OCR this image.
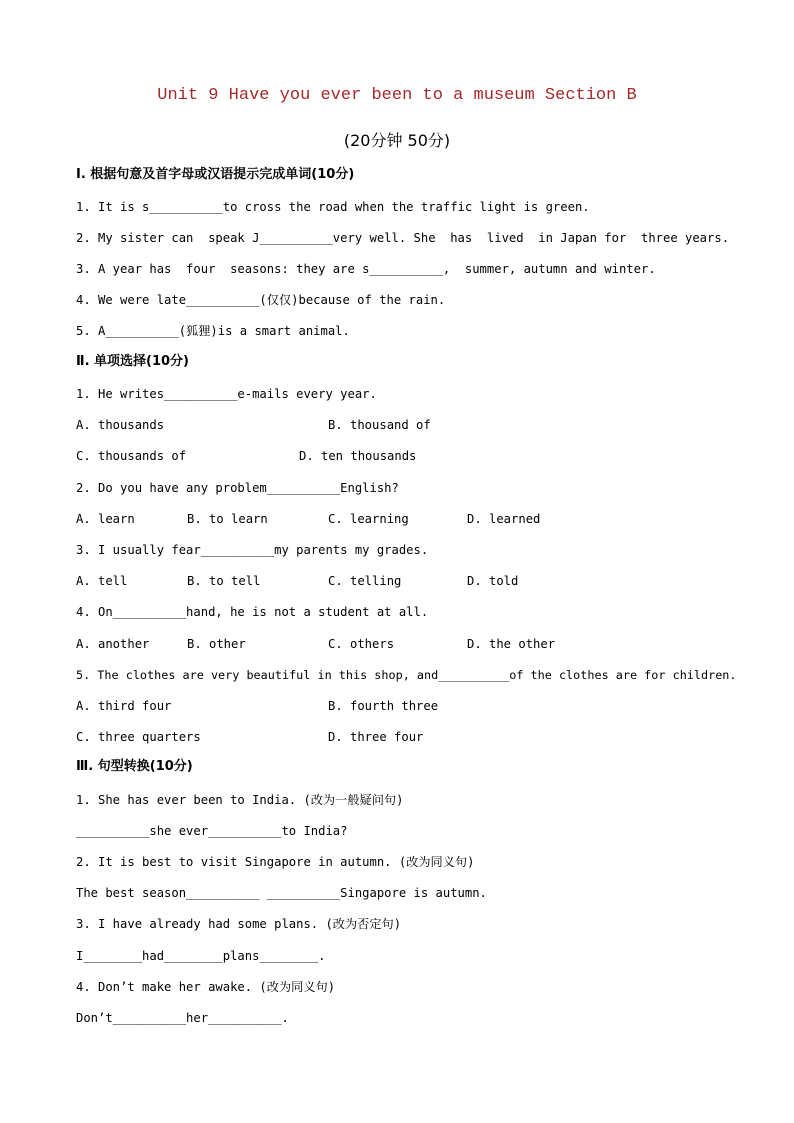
Unit 9 Have you ever been to a museum Section B
(20分钟 50分)
Ⅰ. 根据句意及首字母或汉语提示完成单词(10分)
1. It is s__________to cross the road when the traffic light is green.
2. My sister can  speak J__________very well. She  has  lived  in Japan for  three years.
3. A year has  four  seasons: they are s__________,  summer, autumn and winter.
4. We were late__________(仅仅)because of the rain.
5. A__________(狐狸)is a smart animal.
Ⅱ. 单项选择(10分)
1. He writes__________e-mails every year.
A. thousands	B. thousand of
C. thousands of	D. ten thousands
2. Do you have any problem__________English?
A. learn	B. to learn	C. learning	D. learned
3. I usually fear__________my parents my grades.
A. tell	B. to tell	C. telling	D. told
4. On__________hand, he is not a student at all.
A. another	B. other	C. others	D. the other
5. The clothes are very beautiful in this shop, and__________of the clothes are for children.
A. third four	B. fourth three
C. three quarters	D. three four
Ⅲ. 句型转换(10分)
1. She has ever been to India. (改为一般疑问句)
__________she ever__________to India?
2. It is best to visit Singapore in autumn. (改为同义句)
The best season__________ __________Singapore is autumn.
3. I have already had some plans. (改为否定句)
I________had________plans________.
4. Don’t make her awake. (改为同义句)
Don’t__________her__________.
